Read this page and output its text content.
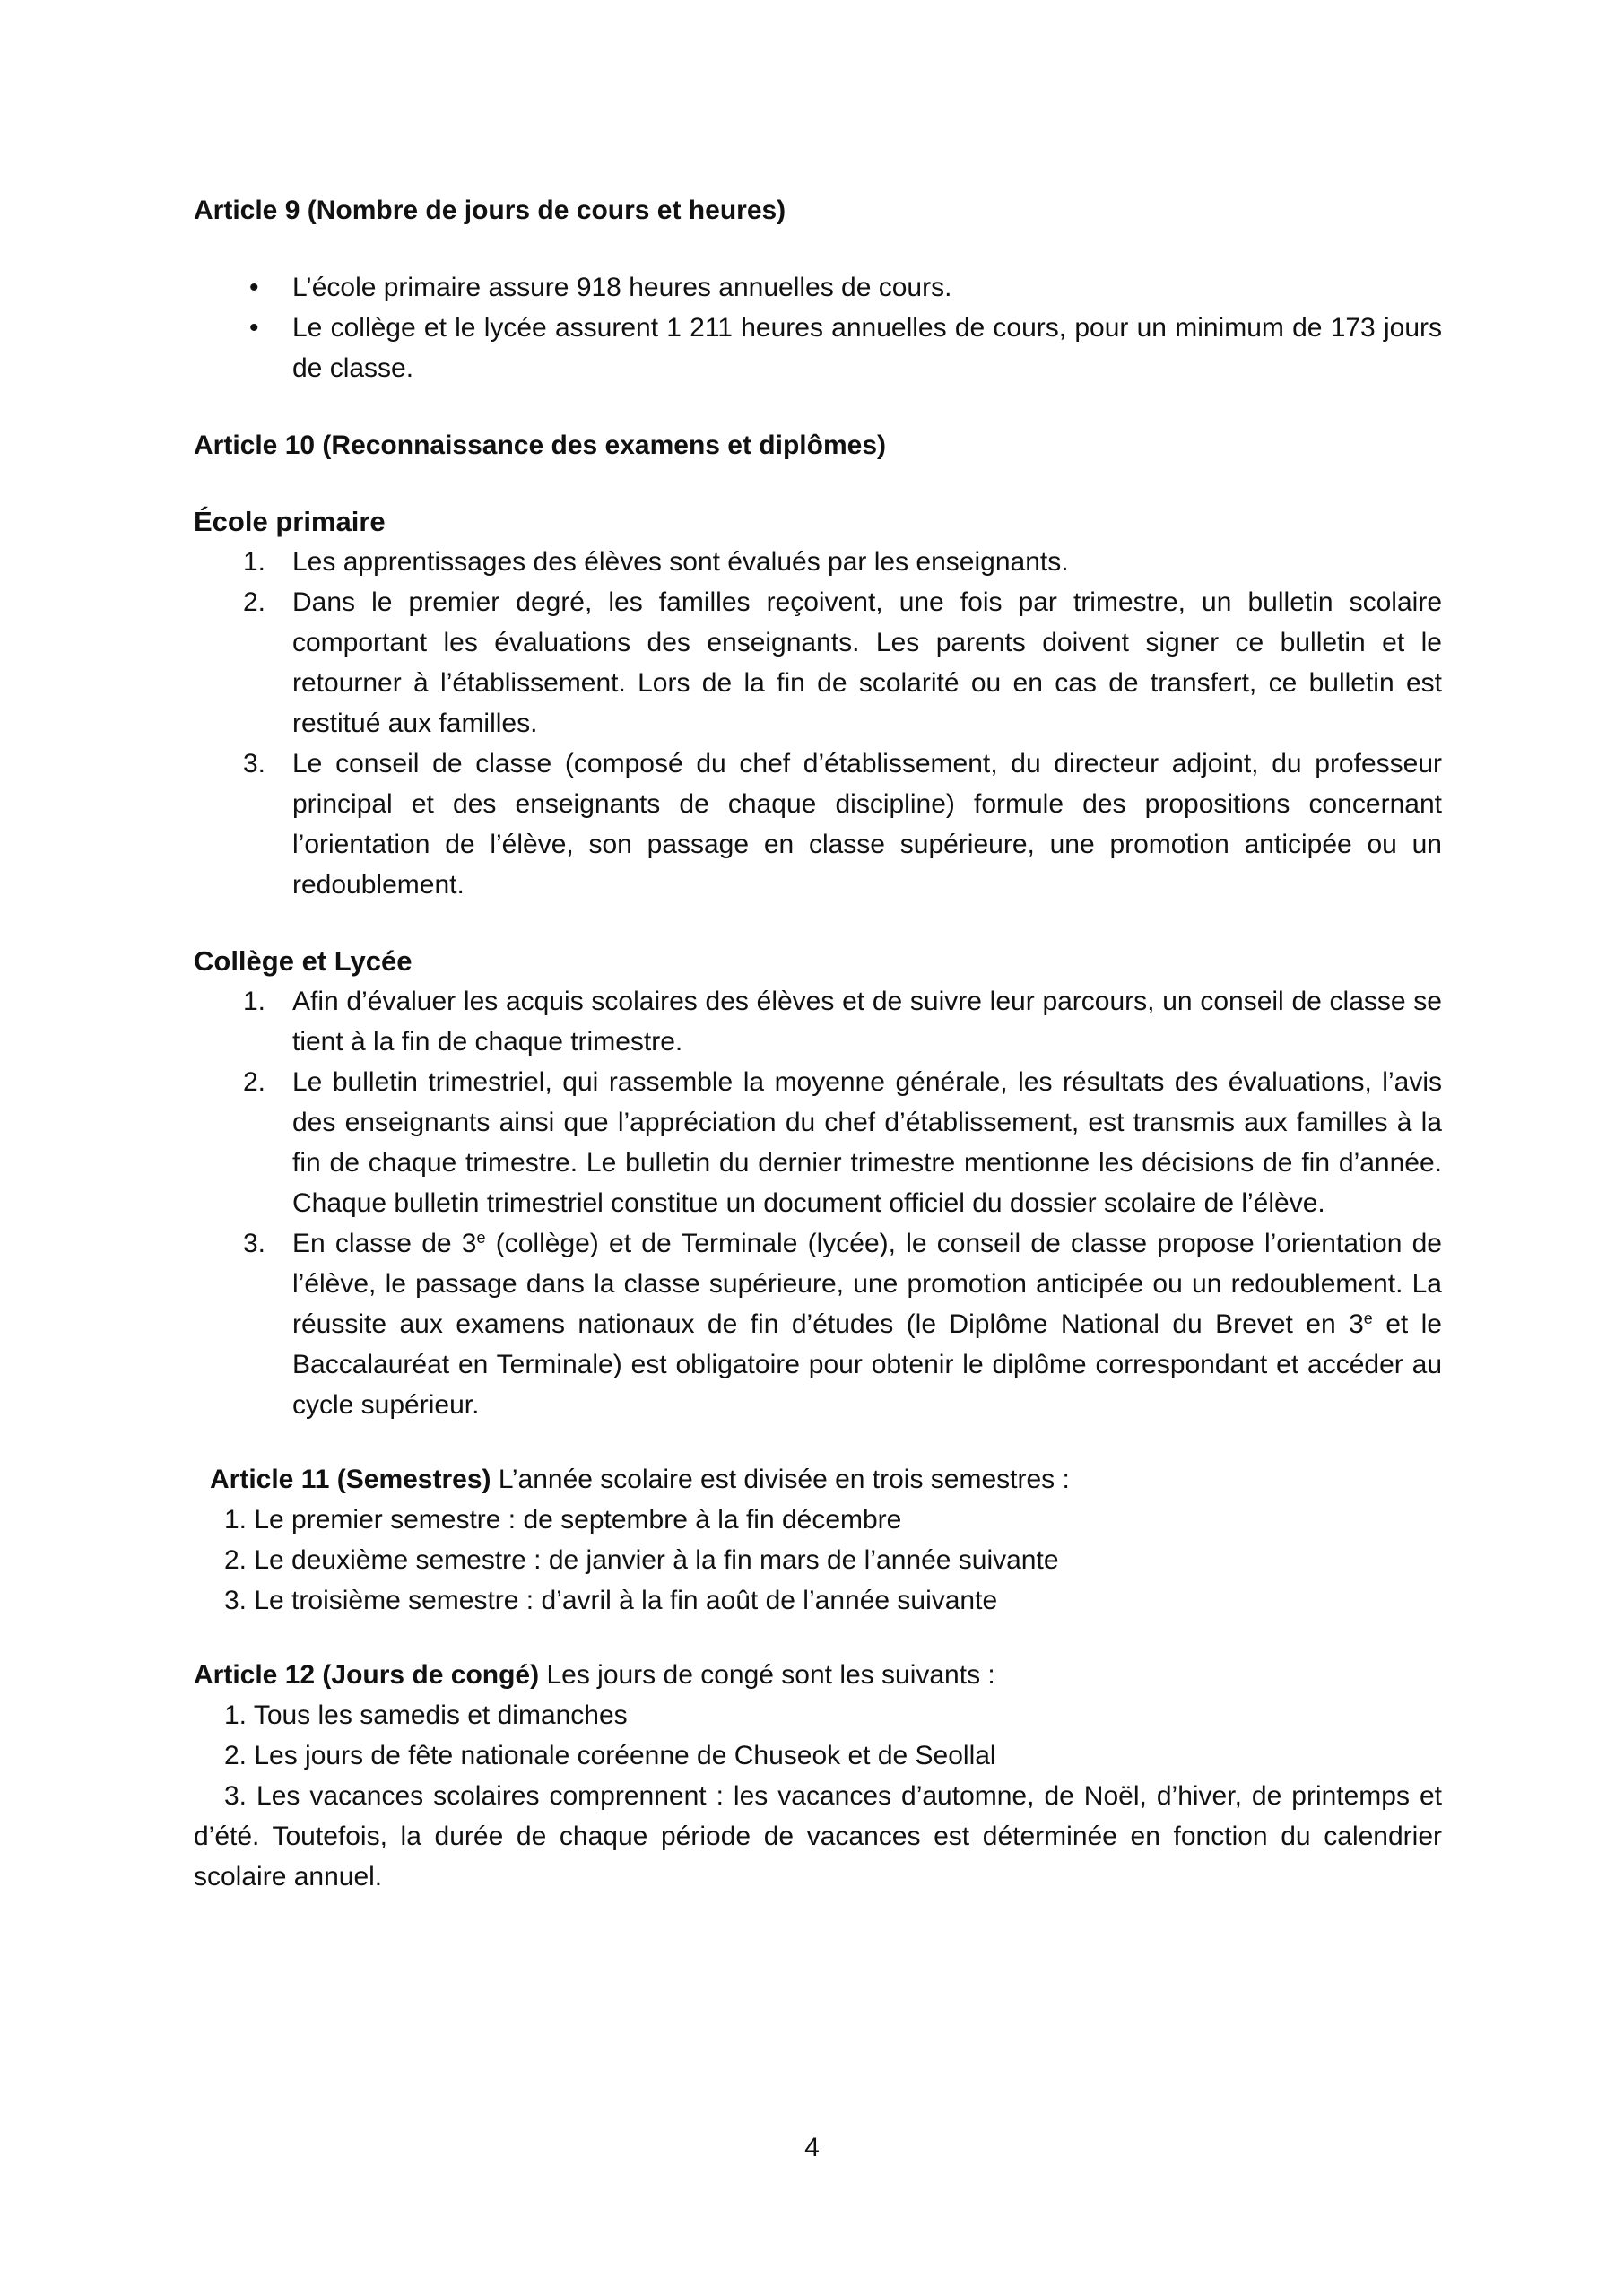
Article 9 (Nombre de jours de cours et heures)

• L’école primaire assure 918 heures annuelles de cours.
• Le collège et le lycée assurent 1 211 heures annuelles de cours, pour un minimum de 173 jours de classe.

Article 10 (Reconnaissance des examens et diplômes)

École primaire

1. Les apprentissages des élèves sont évalués par les enseignants.
2. Dans le premier degré, les familles reçoivent, une fois par trimestre, un bulletin scolaire comportant les évaluations des enseignants. Les parents doivent signer ce bulletin et le retourner à l’établissement. Lors de la fin de scolarité ou en cas de transfert, ce bulletin est restitué aux familles.
3. Le conseil de classe (composé du chef d’établissement, du directeur adjoint, du professeur principal et des enseignants de chaque discipline) formule des propositions concernant l’orientation de l’élève, son passage en classe supérieure, une promotion anticipée ou un redoublement.

Collège et Lycée

1. Afin d’évaluer les acquis scolaires des élèves et de suivre leur parcours, un conseil de classe se tient à la fin de chaque trimestre.
2. Le bulletin trimestriel, qui rassemble la moyenne générale, les résultats des évaluations, l’avis des enseignants ainsi que l’appréciation du chef d’établissement, est transmis aux familles à la fin de chaque trimestre. Le bulletin du dernier trimestre mentionne les décisions de fin d’année. Chaque bulletin trimestriel constitue un document officiel du dossier scolaire de l’élève.
3. En classe de 3e (collège) et de Terminale (lycée), le conseil de classe propose l’orientation de l’élève, le passage dans la classe supérieure, une promotion anticipée ou un redoublement. La réussite aux examens nationaux de fin d’études (le Diplôme National du Brevet en 3e et le Baccalauréat en Terminale) est obligatoire pour obtenir le diplôme correspondant et accéder au cycle supérieur.

Article 11 (Semestres) L’année scolaire est divisée en trois semestres :

1. Le premier semestre : de septembre à la fin décembre
2. Le deuxième semestre : de janvier à la fin mars de l’année suivante
3. Le troisième semestre : d’avril à la fin août de l’année suivante

Article 12 (Jours de congé) Les jours de congé sont les suivants :

1. Tous les samedis et dimanches
2. Les jours de fête nationale coréenne de Chuseok et de Seollal

3. Les vacances scolaires comprennent : les vacances d’automne, de Noël, d’hiver, de printemps et d’été. Toutefois, la durée de chaque période de vacances est déterminée en fonction du calendrier scolaire annuel.

4
